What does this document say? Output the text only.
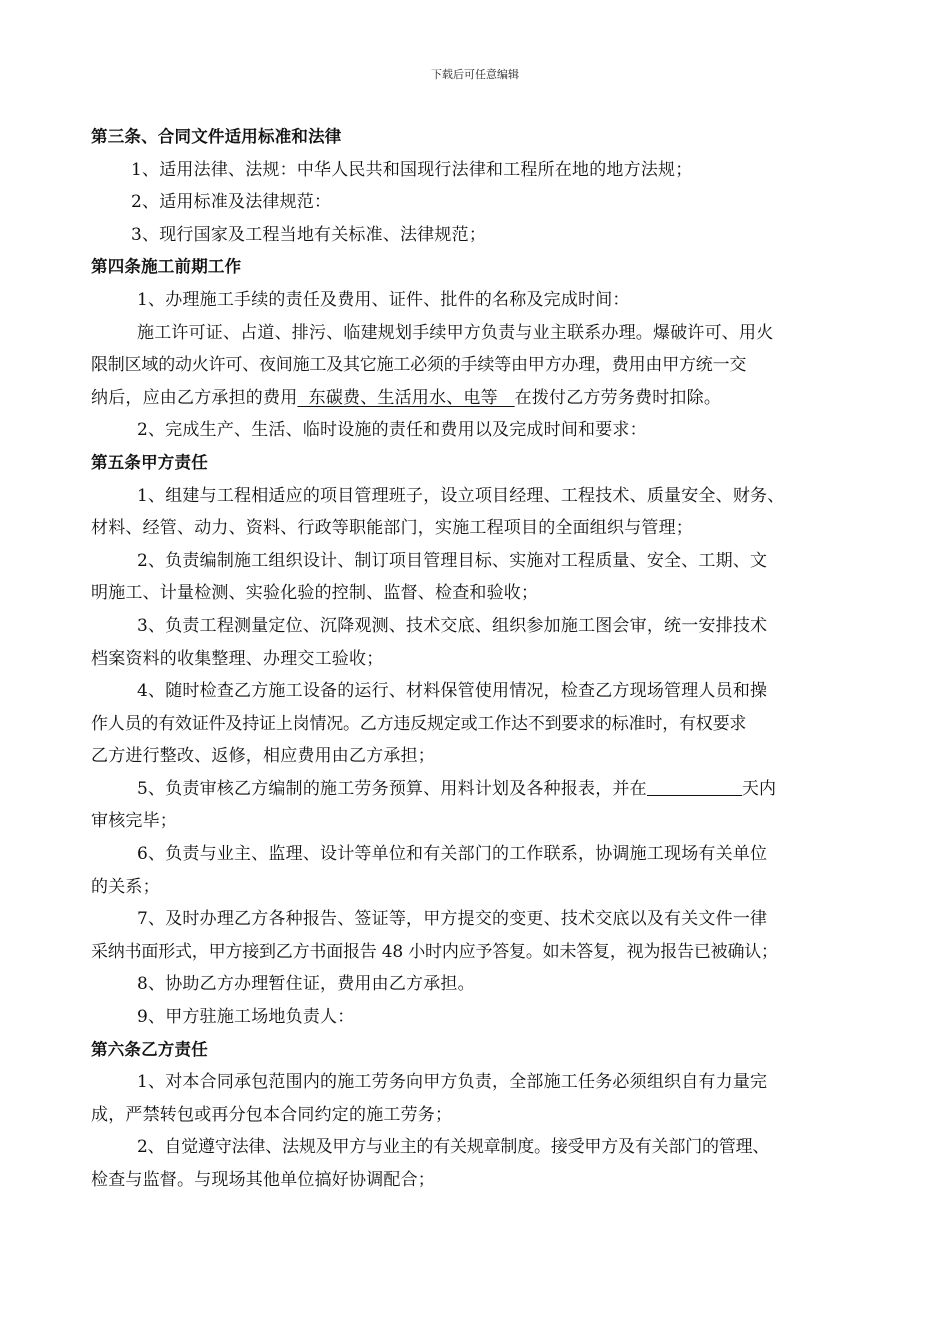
下载后可任意编辑
第三条、合同文件适用标准和法律
1、适用法律、法规：中华人民共和国现行法律和工程所在地的地方法规；
2、适用标准及法律规范：
3、现行国家及工程当地有关标准、法律规范；
第四条施工前期工作
1、办理施工手续的责任及费用、证件、批件的名称及完成时间：
施工许可证、占道、排污、临建规划手续甲方负责与业主联系办理。爆破许可、用火
限制区域的动火许可、夜间施工及其它施工必须的手续等由甲方办理，费用由甲方统一交
纳后，应由乙方承担的费用  东碳费、生活用水、电等   在拨付乙方劳务费时扣除。
2、完成生产、生活、临时设施的责任和费用以及完成时间和要求：
第五条甲方责任
1、组建与工程相适应的项目管理班子，设立项目经理、工程技术、质量安全、财务、
材料、经管、动力、资料、行政等职能部门，实施工程项目的全面组织与管理；
2、负责编制施工组织设计、制订项目管理目标、实施对工程质量、安全、工期、文
明施工、计量检测、实验化验的控制、监督、检查和验收；
3、负责工程测量定位、沉降观测、技术交底、组织参加施工图会审，统一安排技术
档案资料的收集整理、办理交工验收；
4、随时检查乙方施工设备的运行、材料保管使用情况，检查乙方现场管理人员和操
作人员的有效证件及持证上岗情况。乙方违反规定或工作达不到要求的标准时，有权要求
乙方进行整改、返修，相应费用由乙方承担；
5、负责审核乙方编制的施工劳务预算、用料计划及各种报表，并在	天内
审核完毕；
6、负责与业主、监理、设计等单位和有关部门的工作联系，协调施工现场有关单位
的关系；
7、及时办理乙方各种报告、签证等，甲方提交的变更、技术交底以及有关文件一律
采纳书面形式，甲方接到乙方书面报告 48 小时内应予答复。如未答复，视为报告已被确认；
8、协助乙方办理暂住证，费用由乙方承担。
9、甲方驻施工场地负责人：
第六条乙方责任
1、对本合同承包范围内的施工劳务向甲方负责，全部施工任务必须组织自有力量完
成，严禁转包或再分包本合同约定的施工劳务；
2、自觉遵守法律、法规及甲方与业主的有关规章制度。接受甲方及有关部门的管理、
检查与监督。与现场其他单位搞好协调配合；
